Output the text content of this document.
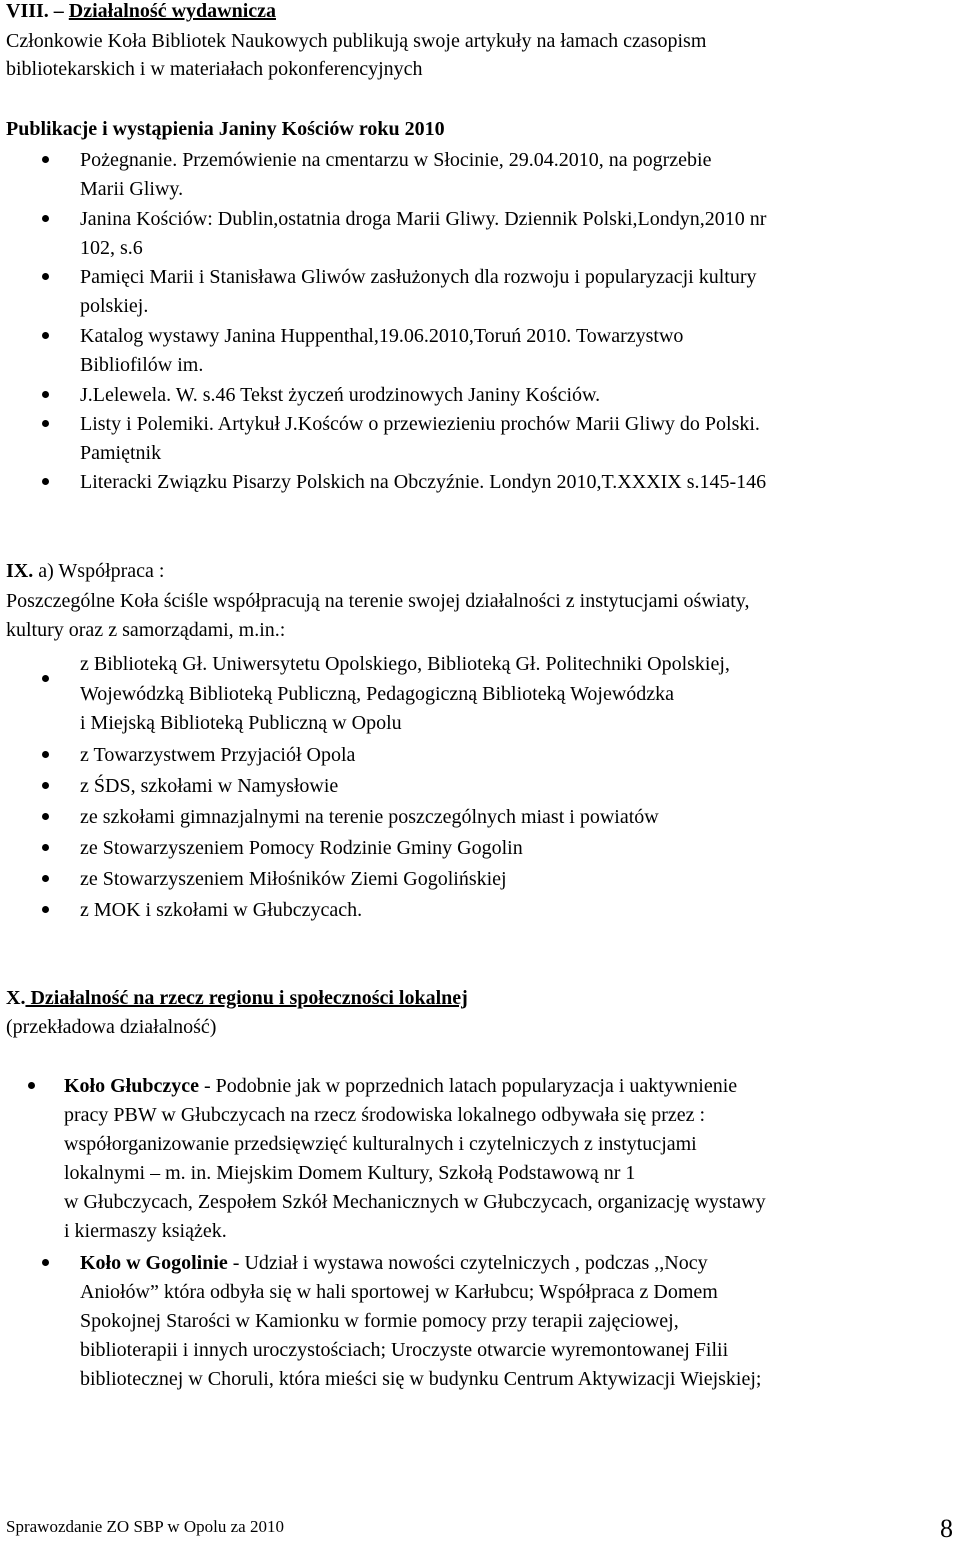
VIII. – Działalność wydawnicza
Członkowie Koła Bibliotek Naukowych publikują swoje artykuły na łamach czasopism
bibliotekarskich i w materiałach pokonferencyjnych
Publikacje i wystąpienia Janiny Kościów roku 2010
Pożegnanie. Przemówienie na cmentarzu w Słocinie, 29.04.2010, na pogrzebie
Marii Gliwy.
Janina Kościów: Dublin,ostatnia droga Marii Gliwy. Dziennik Polski,Londyn,2010 nr
102, s.6
Pamięci Marii i Stanisława Gliwów zasłużonych dla rozwoju i popularyzacji kultury
polskiej.
Katalog wystawy Janina Huppenthal,19.06.2010,Toruń 2010. Towarzystwo
Bibliofilów im.
J.Lelewela. W. s.46 Tekst życzeń urodzinowych Janiny Kościów.
Listy i Polemiki. Artykuł J.Kośców o przewiezieniu prochów Marii Gliwy do Polski.
Pamiętnik
Literacki Związku Pisarzy Polskich na Obczyźnie. Londyn 2010,T.XXXIX s.145-146
IX. a) Współpraca :
Poszczególne Koła ściśle współpracują na terenie swojej działalności z instytucjami oświaty,
kultury oraz z samorządami, m.in.:
z Biblioteką Gł. Uniwersytetu Opolskiego, Biblioteką Gł. Politechniki Opolskiej,
Wojewódzką Biblioteką Publiczną, Pedagogiczną Biblioteką Wojewódzka
i Miejską Biblioteką Publiczną w Opolu
z Towarzystwem Przyjaciół Opola
z ŚDS, szkołami w Namysłowie
ze szkołami gimnazjalnymi na terenie poszczególnych miast i powiatów
ze Stowarzyszeniem Pomocy Rodzinie Gminy Gogolin
ze Stowarzyszeniem Miłośników Ziemi Gogolińskiej
z MOK i szkołami w Głubczycach.
X. Działalność na rzecz regionu i społeczności lokalnej
(przekładowa działalność)
Koło Głubczyce - Podobnie jak w poprzednich latach popularyzacja i uaktywnienie
pracy PBW w Głubczycach na rzecz środowiska lokalnego odbywała się przez :
współorganizowanie przedsięwzięć kulturalnych i czytelniczych z instytucjami
lokalnymi – m. in. Miejskim Domem Kultury, Szkołą Podstawową nr 1
w Głubczycach, Zespołem Szkół Mechanicznych w Głubczycach, organizację wystawy
i kiermaszy książek.
Koło w Gogolinie - Udział i wystawa nowości czytelniczych , podczas ,,Nocy
Aniołów” która odbyła się w hali sportowej w Karłubcu; Współpraca z Domem
Spokojnej Starości w Kamionku w formie pomocy przy terapii zajęciowej,
biblioterapii i innych uroczystościach; Uroczyste otwarcie wyremontowanej Filii
bibliotecznej w Choruli, która mieści się w budynku Centrum Aktywizacji Wiejskiej;
Sprawozdanie ZO SBP w Opolu za 2010	8
